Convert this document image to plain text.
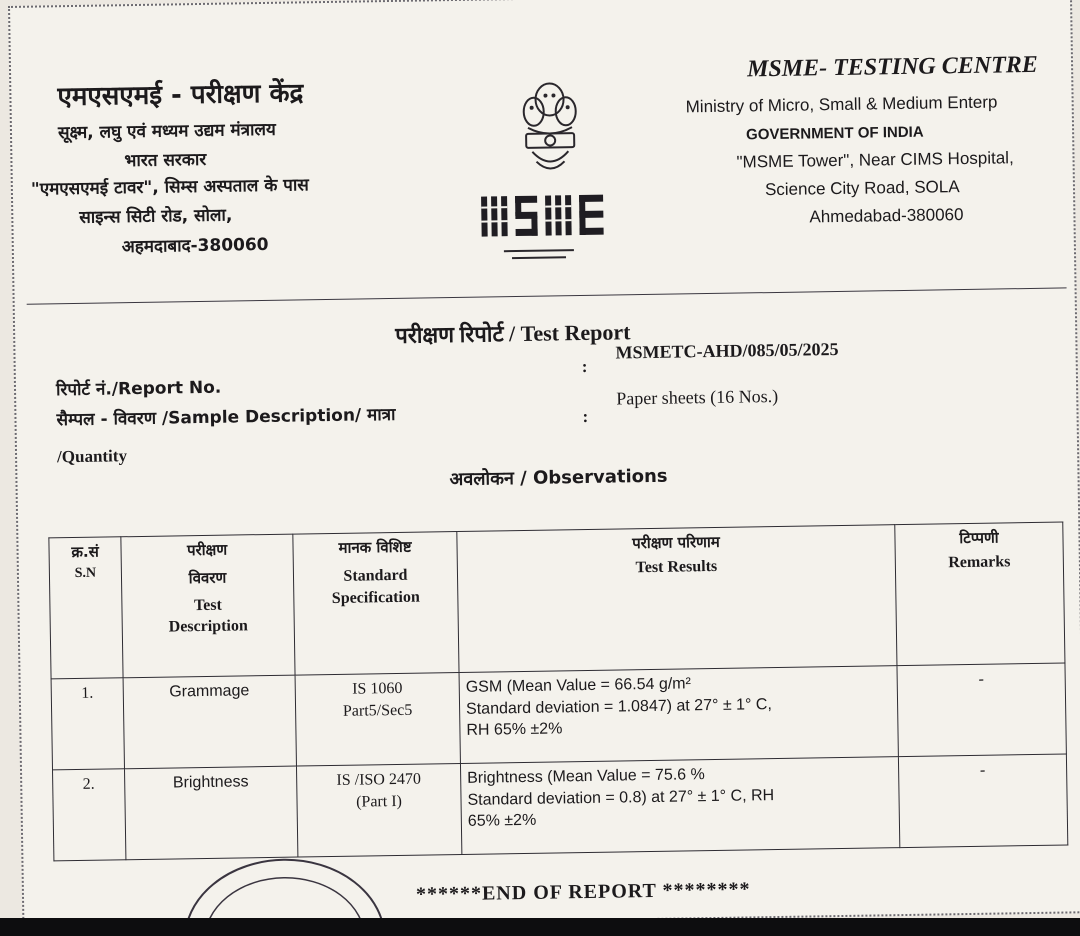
एमएसएमई - परीक्षण केंद्र
सूक्ष्म, लघु एवं मध्यम उद्यम मंत्रालय
भारत सरकार
"एमएसएमई टावर", सिम्स अस्पताल के पास
साइन्स सिटी रोड, सोला,
अहमदाबाद-380060
MSME- TESTING CENTRE
Ministry of Micro, Small & Medium Enterp
GOVERNMENT OF INDIA
"MSME Tower", Near CIMS Hospital,
Science City Road, SOLA
Ahmedabad-380060
परीक्षण रिपोर्ट / Test Report
रिपोर्ट नं./Report No.
:
MSMETC-AHD/085/05/2025
सैम्पल - विवरण /Sample Description/ मात्रा
/Quantity
:
Paper sheets (16 Nos.)
अवलोकन / Observations
क्र.सं
S.N	परीक्षण
विवरण
Test
Description	मानक विशिष्ट
Standard
Specification	परीक्षण परिणाम
Test Results	टिप्पणी
Remarks

1.	Grammage	IS 1060
Part5/Sec5	GSM (Mean Value = 66.54 g/m²
Standard deviation = 1.0847) at 27° ± 1° C,
RH 65% ±2%	-
2.	Brightness	IS /ISO 2470
(Part I)	Brightness (Mean Value = 75.6 %
Standard deviation = 0.8) at 27° ± 1° C, RH
65% ±2%	-
******END OF REPORT ********
